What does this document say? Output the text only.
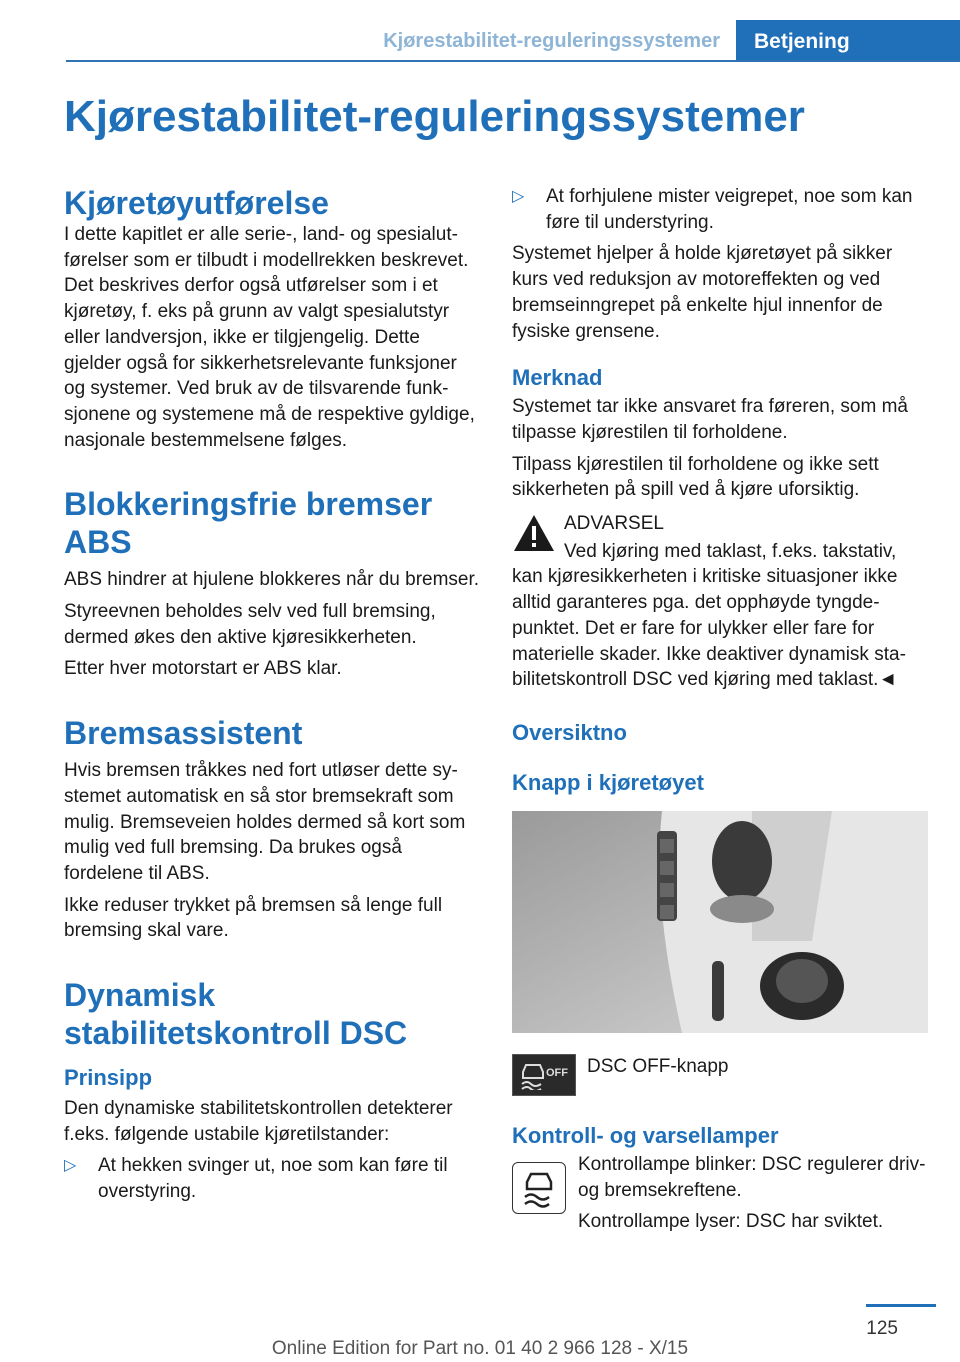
Kjørestabilitet-reguleringssystemer	Betjening
Kjørestabilitet-reguleringssystemer
Kjøretøyutførelse

I dette kapitlet er alle serie-, land- og spesialutførelser som er tilbudt i modellrekken beskrevet. Det beskrives derfor også utførelser som i et kjøretøy, f. eks på grunn av valgt spesialutstyr eller landversjon, ikke er tilgjengelig. Dette gjelder også for sikkerhetsrelevante funksjoner og systemer. Ved bruk av de tilsvarende funksjonene og systemene må de respektive gyldige, nasjonale bestemmelsene følges.

Blokkeringsfrie bremser ABS

ABS hindrer at hjulene blokkeres når du bremser.

Styreevnen beholdes selv ved full bremsing, dermed økes den aktive kjøresikkerheten.

Etter hver motorstart er ABS klar.

Bremsassistent

Hvis bremsen tråkkes ned fort utløser dette systemet automatisk en så stor bremsekraft som mulig. Bremseveien holdes dermed så kort som mulig ved full bremsing. Da brukes også fordelene til ABS.

Ikke reduser trykket på bremsen så lenge full bremsing skal vare.

Dynamisk stabilitetskontroll DSC
Prinsipp

Den dynamiske stabilitetskontrollen detekterer f.eks. følgende ustabile kjøretilstander:

▷	At hekken svinger ut, noe som kan føre til overstyring.
▷	At forhjulene mister veigrepet, noe som kan føre til understyring.

Systemet hjelper å holde kjøretøyet på sikker kurs ved reduksjon av motoreffekten og ved bremseinngrepet på enkelte hjul innenfor de fysiske grensene.

Merknad

Systemet tar ikke ansvaret fra føreren, som må tilpasse kjørestilen til forholdene.

Tilpass kjørestilen til forholdene og ikke sett sikkerheten på spill ved å kjøre uforsiktig.

ADVARSEL
Ved kjøring med taklast, f.eks. takstativ,
kan kjøresikkerheten i kritiske situasjoner ikke alltid garanteres pga. det opphøyde tyngdepunktet. Det er fare for ulykker eller fare for materielle skader. Ikke deaktiver dynamisk stabilitetskontroll DSC ved kjøring med taklast.◄
Oversiktno
Knapp i kjøretøyet
OFF DSC OFF-knapp

Kontroll- og varsellamper

Kontrollampe blinker: DSC regulerer driv- og bremsekreftene.

Kontrollampe lyser: DSC har sviktet.

125
Online Edition for Part no. 01 40 2 966 128 - X/15
